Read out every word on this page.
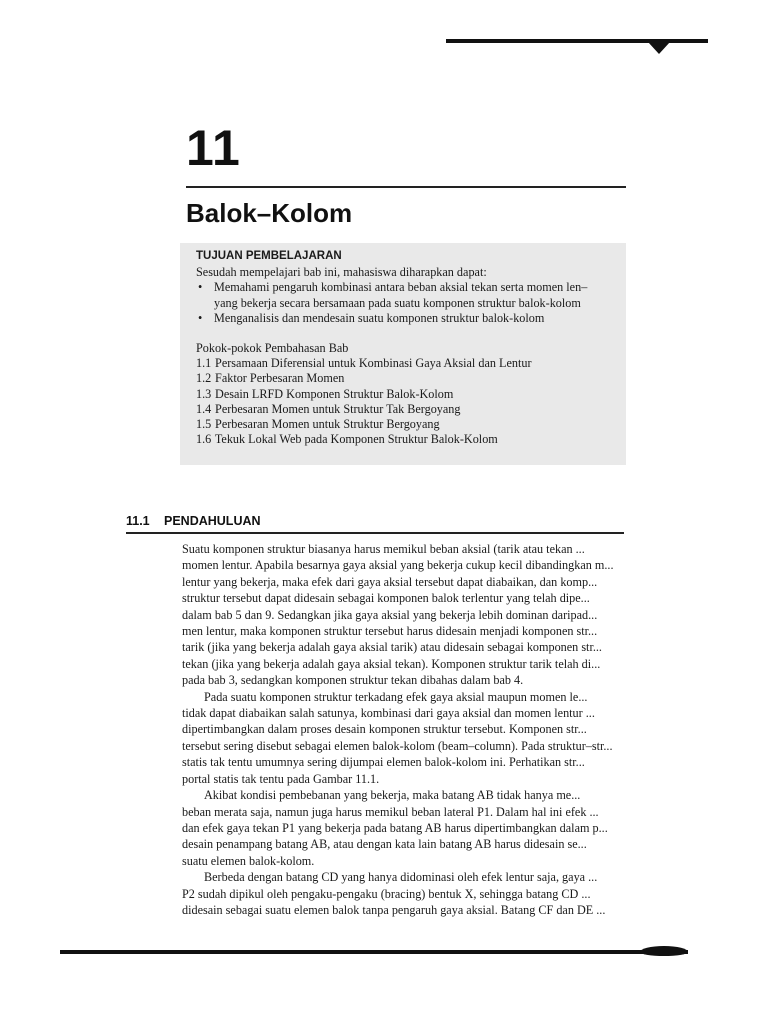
11
Balok–Kolom
TUJUAN PEMBELAJARAN
Sesudah mempelajari bab ini, mahasiswa diharapkan dapat:
• Memahami pengaruh kombinasi antara beban aksial tekan serta momen len–
yang bekerja secara bersamaan pada suatu komponen struktur balok-kolom
• Menganalisis dan mendesain suatu komponen struktur balok-kolom
Pokok-pokok Pembahasan Bab
1.1 Persamaan Diferensial untuk Kombinasi Gaya Aksial dan Lentur
1.2 Faktor Perbesaran Momen
1.3 Desain LRFD Komponen Struktur Balok-Kolom
1.4 Perbesaran Momen untuk Struktur Tak Bergoyang
1.5 Perbesaran Momen untuk Struktur Bergoyang
1.6 Tekuk Lokal Web pada Komponen Struktur Balok-Kolom
11.1 PENDAHULUAN
Suatu komponen struktur biasanya harus memikul beban aksial (tarik atau tekan ...
momen lentur. Apabila besarnya gaya aksial yang bekerja cukup kecil dibandingkan m...
lentur yang bekerja, maka efek dari gaya aksial tersebut dapat diabaikan, dan komp...
struktur tersebut dapat didesain sebagai komponen balok terlentur yang telah dipe...
dalam bab 5 dan 9. Sedangkan jika gaya aksial yang bekerja lebih dominan daripad...
men lentur, maka komponen struktur tersebut harus didesain menjadi komponen str...
tarik (jika yang bekerja adalah gaya aksial tarik) atau didesain sebagai komponen str...
tekan (jika yang bekerja adalah gaya aksial tekan). Komponen struktur tarik telah di...
pada bab 3, sedangkan komponen struktur tekan dibahas dalam bab 4.
Pada suatu komponen struktur terkadang efek gaya aksial maupun momen le...
tidak dapat diabaikan salah satunya, kombinasi dari gaya aksial dan momen lentur ...
dipertimbangkan dalam proses desain komponen struktur tersebut. Komponen str...
tersebut sering disebut sebagai elemen balok-kolom (beam–column). Pada struktur–str...
statis tak tentu umumnya sering dijumpai elemen balok-kolom ini. Perhatikan str...
portal statis tak tentu pada Gambar 11.1.
Akibat kondisi pembebanan yang bekerja, maka batang AB tidak hanya me...
beban merata saja, namun juga harus memikul beban lateral P1. Dalam hal ini efek ...
dan efek gaya tekan P1 yang bekerja pada batang AB harus dipertimbangkan dalam p...
desain penampang batang AB, atau dengan kata lain batang AB harus didesain se...
suatu elemen balok-kolom.
Berbeda dengan batang CD yang hanya didominasi oleh efek lentur saja, gaya ...
P2 sudah dipikul oleh pengaku-pengaku (bracing) bentuk X, sehingga batang CD ...
didesain sebagai suatu elemen balok tanpa pengaruh gaya aksial. Batang CF dan DE ...
